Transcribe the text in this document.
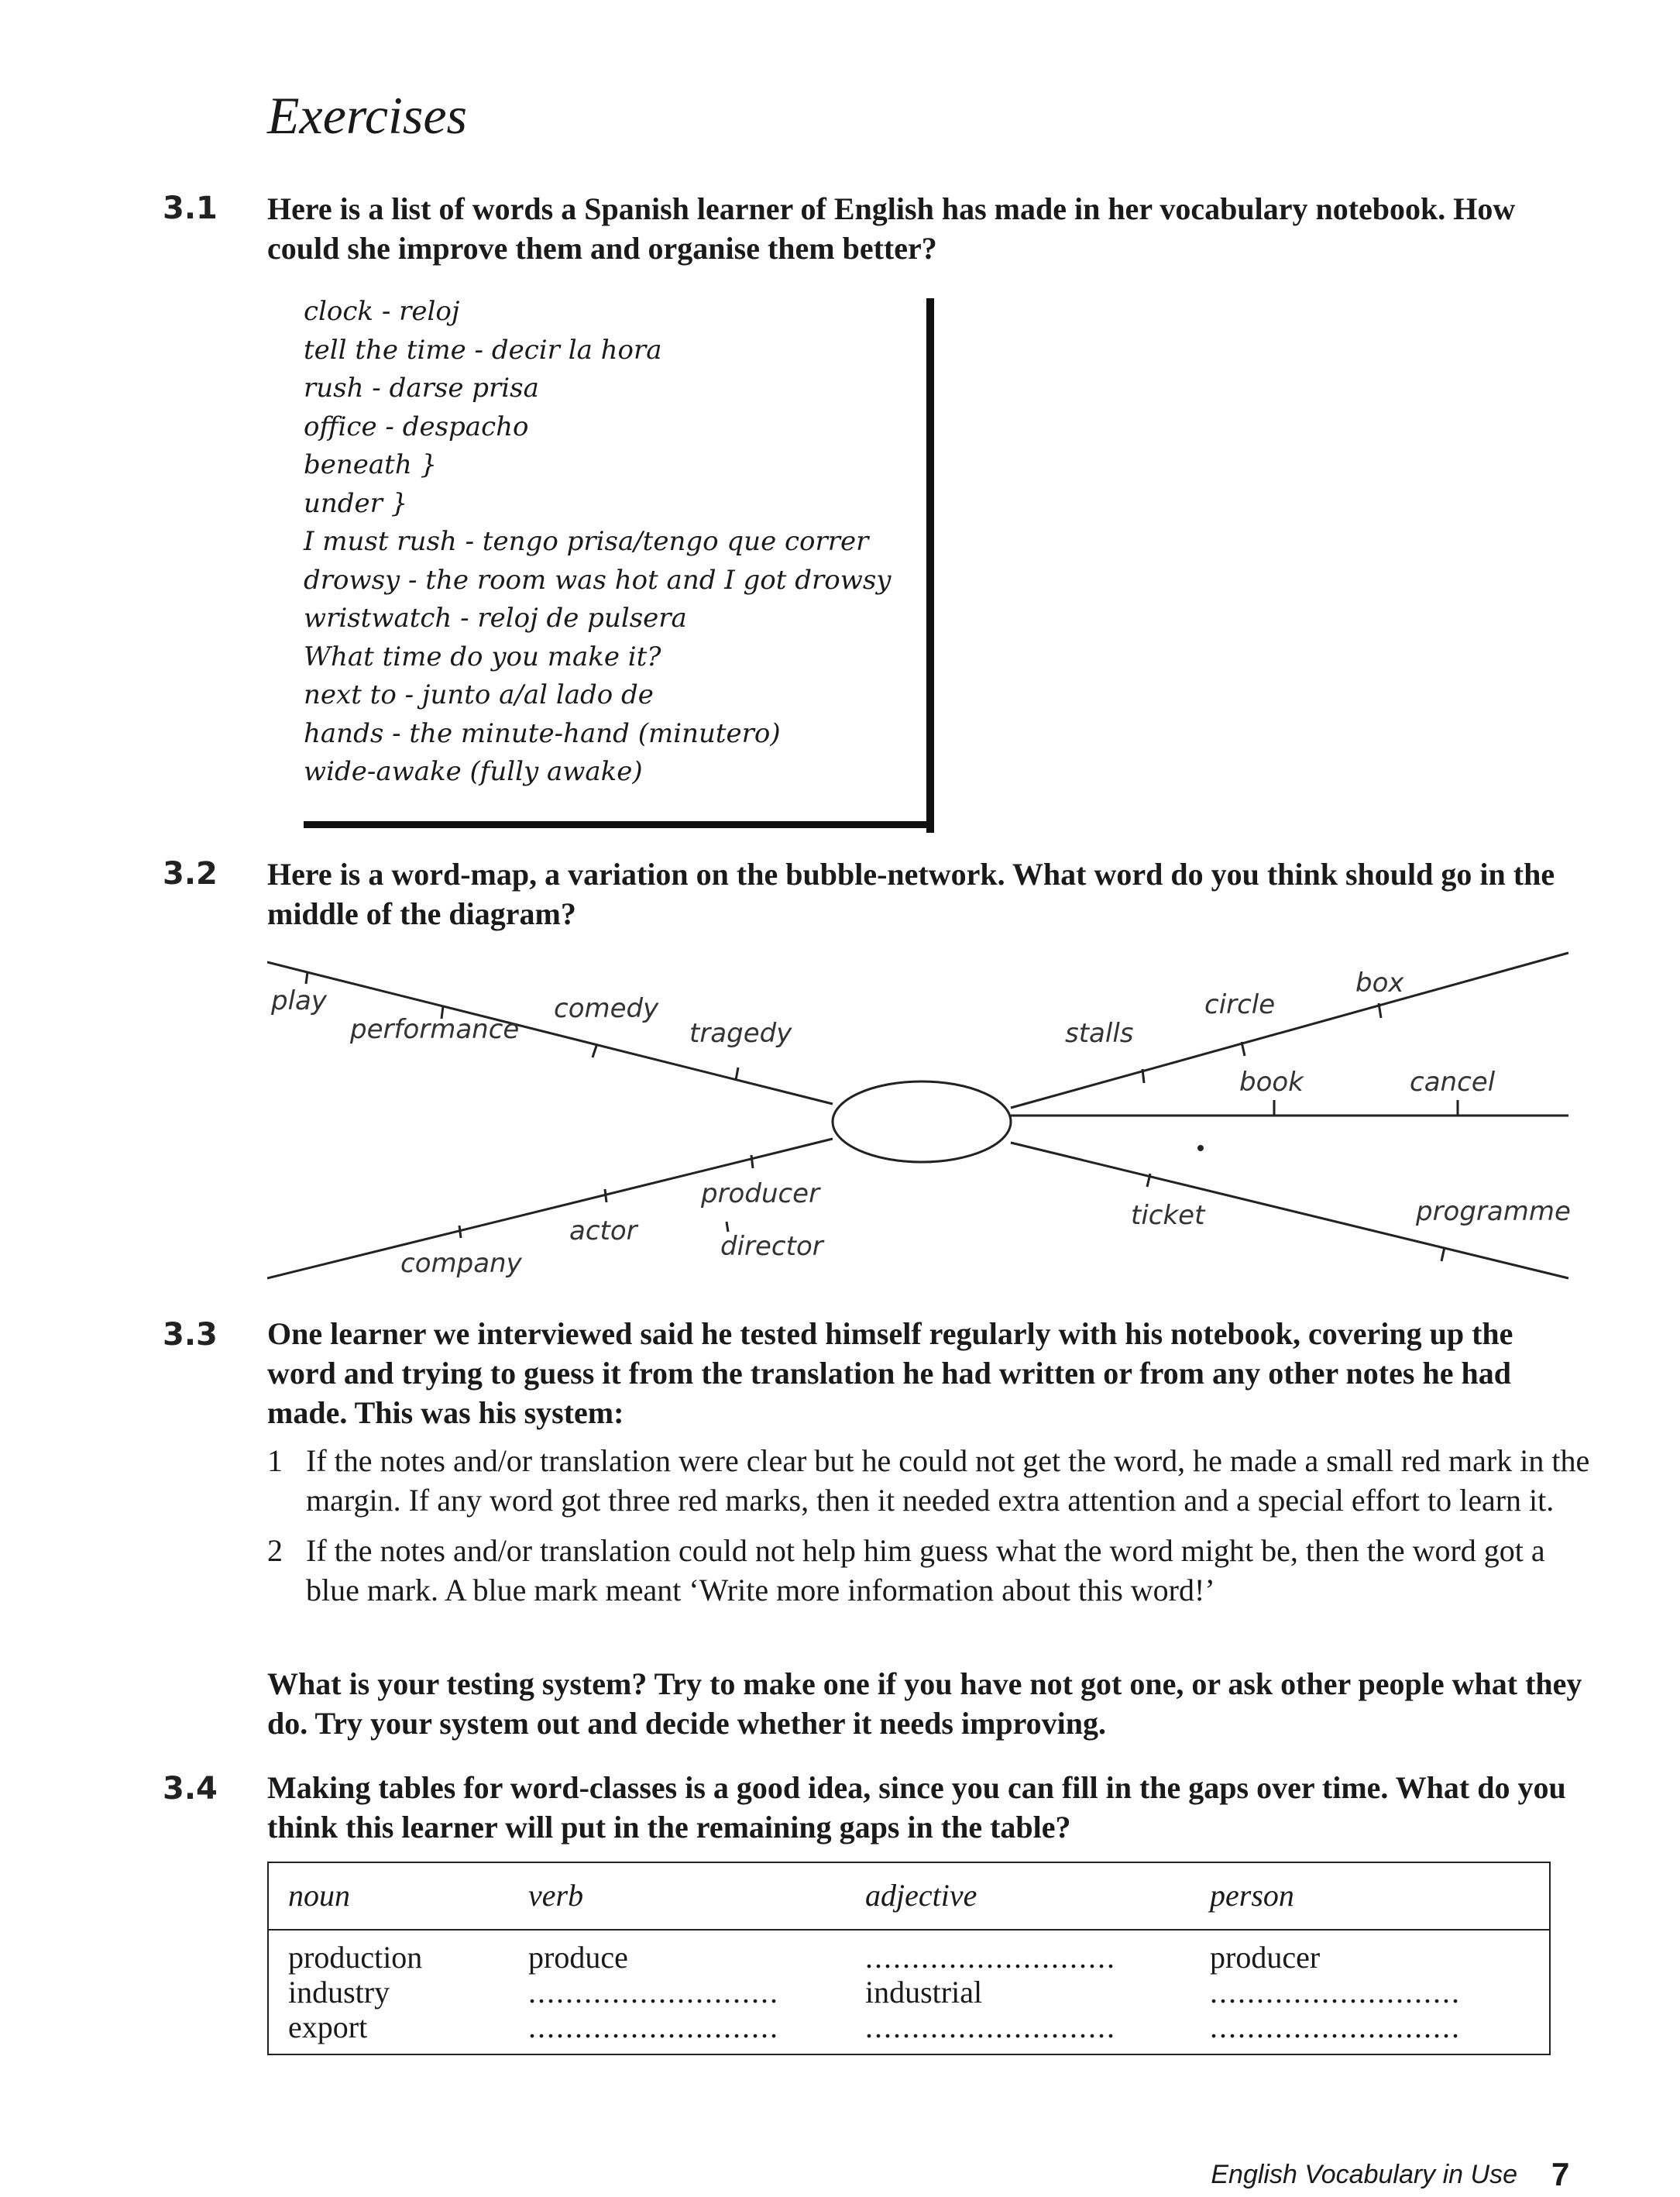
Exercises
3.1 Here is a list of words a Spanish learner of English has made in her vocabulary notebook. How could she improve them and organise them better?

clock - reloj
tell the time - decir la hora
rush - darse prisa
office - despacho
beneath }
under }
I must rush - tengo prisa/tengo que correr
drowsy - the room was hot and I got drowsy
wristwatch - reloj de pulsera
What time do you make it?
next to - junto a/al lado de
hands - the minute-hand (minutero)
wide-awake (fully awake)
3.2 Here is a word-map, a variation on the bubble-network. What word do you think should go in the middle of the diagram?

play
performance
comedy
tragedy	stalls
circle
box
book	cancel
producer
director
actor
company
ticket	programme
3.3 One learner we interviewed said he tested himself regularly with his notebook, covering up the word and trying to guess it from the translation he had written or from any other notes he had made. This was his system:

1 If the notes and/or translation were clear but he could not get the word, he made a small red mark in the margin. If any word got three red marks, then it needed extra attention and a special effort to learn it.
2 If the notes and/or translation could not help him guess what the word might be, then the word got a blue mark. A blue mark meant ‘Write more information about this word!’

What is your testing system? Try to make one if you have not got one, or ask other people what they do. Try your system out and decide whether it needs improving.

3.4 Making tables for word-classes is a good idea, since you can fill in the gaps over time. What do you think this learner will put in the remaining gaps in the table?

noun	verb	adjective	person
production	produce	...........................	producer
industry	...........................	industrial	...........................
export	...........................	...........................	...........................
English Vocabulary in Use 7
